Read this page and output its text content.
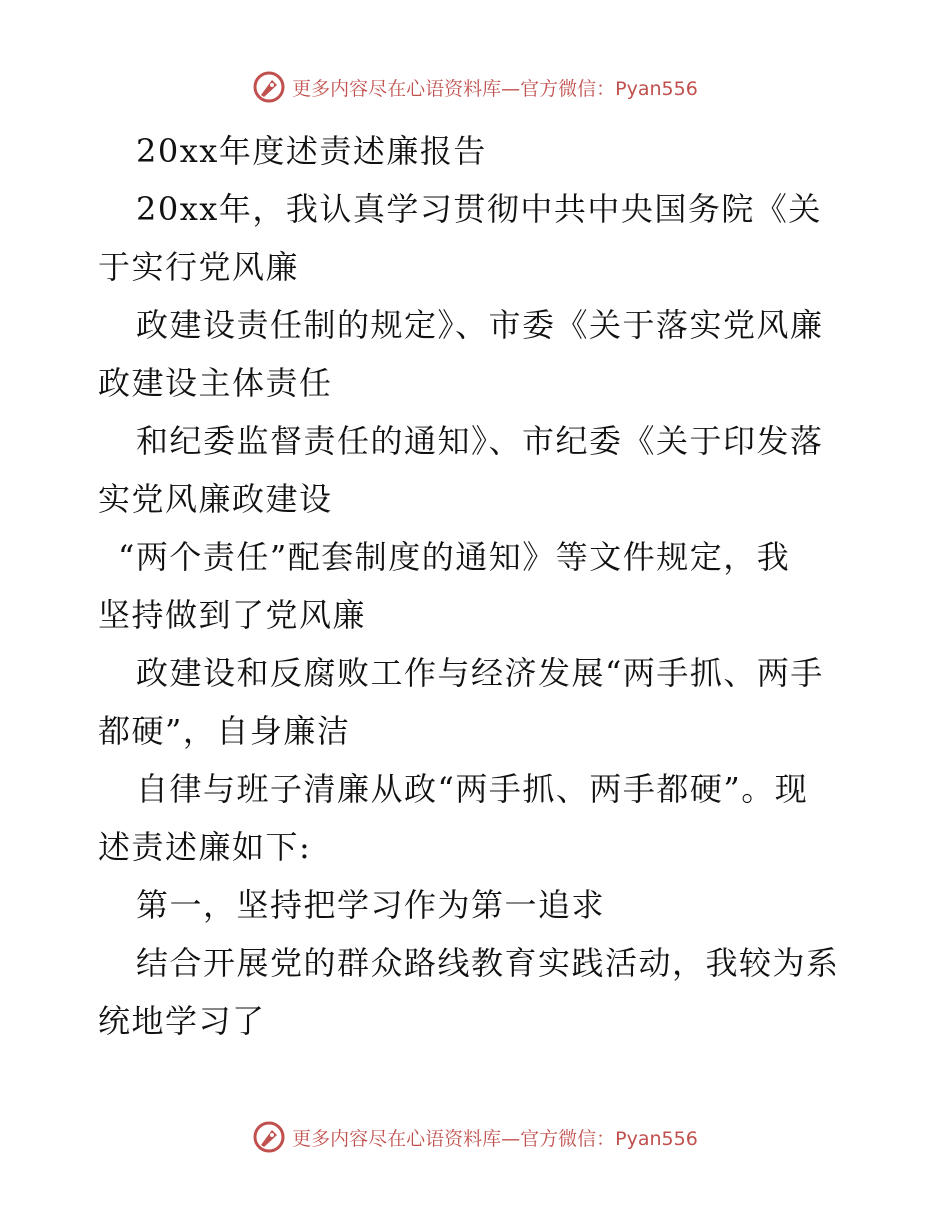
更多内容尽在心语资料库—官方微信：Pyan556
20xx年度述责述廉报告
20xx年，我认真学习贯彻中共中央国务院《关
于实行党风廉
政建设责任制的规定》、市委《关于落实党风廉
政建设主体责任
和纪委监督责任的通知》、市纪委《关于印发落
实党风廉政建设
“两个责任”配套制度的通知》等文件规定，我
坚持做到了党风廉
政建设和反腐败工作与经济发展“两手抓、两手
都硬”，自身廉洁
自律与班子清廉从政“两手抓、两手都硬”。现
述责述廉如下:
第一，坚持把学习作为第一追求
结合开展党的群众路线教育实践活动，我较为系
统地学习了
更多内容尽在心语资料库—官方微信：Pyan556
